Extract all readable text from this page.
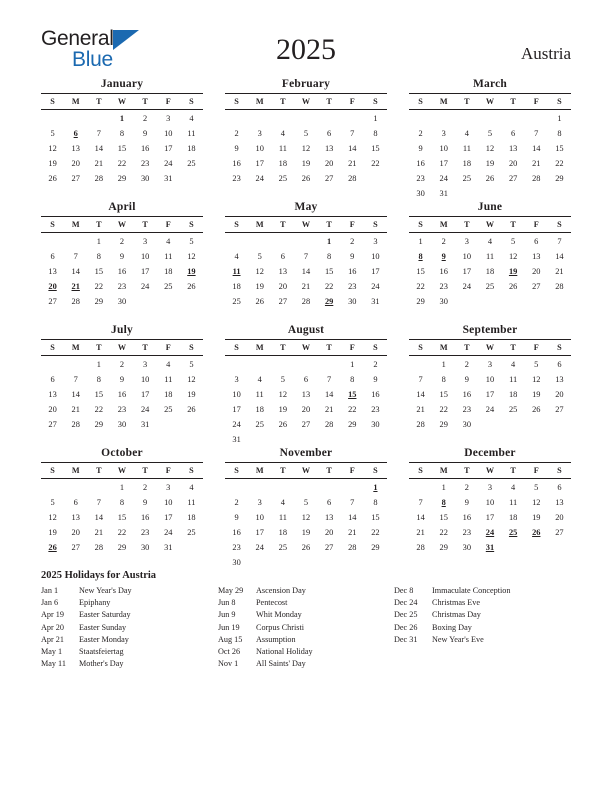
General
Blue	2025	Austria
January
S	M	T	W	T	F	S
			1	2	3	4
5	6	7	8	9	10	11
12	13	14	15	16	17	18
19	20	21	22	23	24	25
26	27	28	29	30	31	
February
S	M	T	W	T	F	S
						1
2	3	4	5	6	7	8
9	10	11	12	13	14	15
16	17	18	19	20	21	22
23	24	25	26	27	28	
March
S	M	T	W	T	F	S
						1
2	3	4	5	6	7	8
9	10	11	12	13	14	15
16	17	18	19	20	21	22
23	24	25	26	27	28	29
30	31					
April
S	M	T	W	T	F	S
		1	2	3	4	5
6	7	8	9	10	11	12
13	14	15	16	17	18	19
20	21	22	23	24	25	26
27	28	29	30			
May
S	M	T	W	T	F	S
				1	2	3
4	5	6	7	8	9	10
11	12	13	14	15	16	17
18	19	20	21	22	23	24
25	26	27	28	29	30	31
June
S	M	T	W	T	F	S
1	2	3	4	5	6	7
8	9	10	11	12	13	14
15	16	17	18	19	20	21
22	23	24	25	26	27	28
29	30					
July
S	M	T	W	T	F	S
		1	2	3	4	5
6	7	8	9	10	11	12
13	14	15	16	17	18	19
20	21	22	23	24	25	26
27	28	29	30	31		
August
S	M	T	W	T	F	S
					1	2
3	4	5	6	7	8	9
10	11	12	13	14	15	16
17	18	19	20	21	22	23
24	25	26	27	28	29	30
31						
September
S	M	T	W	T	F	S
	1	2	3	4	5	6
7	8	9	10	11	12	13
14	15	16	17	18	19	20
21	22	23	24	25	26	27
28	29	30				
October
S	M	T	W	T	F	S
			1	2	3	4
5	6	7	8	9	10	11
12	13	14	15	16	17	18
19	20	21	22	23	24	25
26	27	28	29	30	31	
November
S	M	T	W	T	F	S
						1
2	3	4	5	6	7	8
9	10	11	12	13	14	15
16	17	18	19	20	21	22
23	24	25	26	27	28	29
30						
December
S	M	T	W	T	F	S
	1	2	3	4	5	6
7	8	9	10	11	12	13
14	15	16	17	18	19	20
21	22	23	24	25	26	27
28	29	30	31			
2025 Holidays for Austria
Jan 1	New Year's Day
Jan 6	Epiphany
Apr 19	Easter Saturday
Apr 20	Easter Sunday
Apr 21	Easter Monday
May 1	Staatsfeiertag
May 11	Mother's Day
May 29	Ascension Day
Jun 8	Pentecost
Jun 9	Whit Monday
Jun 19	Corpus Christi
Aug 15	Assumption
Oct 26	National Holiday
Nov 1	All Saints' Day
Dec 8	Immaculate Conception
Dec 24	Christmas Eve
Dec 25	Christmas Day
Dec 26	Boxing Day
Dec 31	New Year's Eve
